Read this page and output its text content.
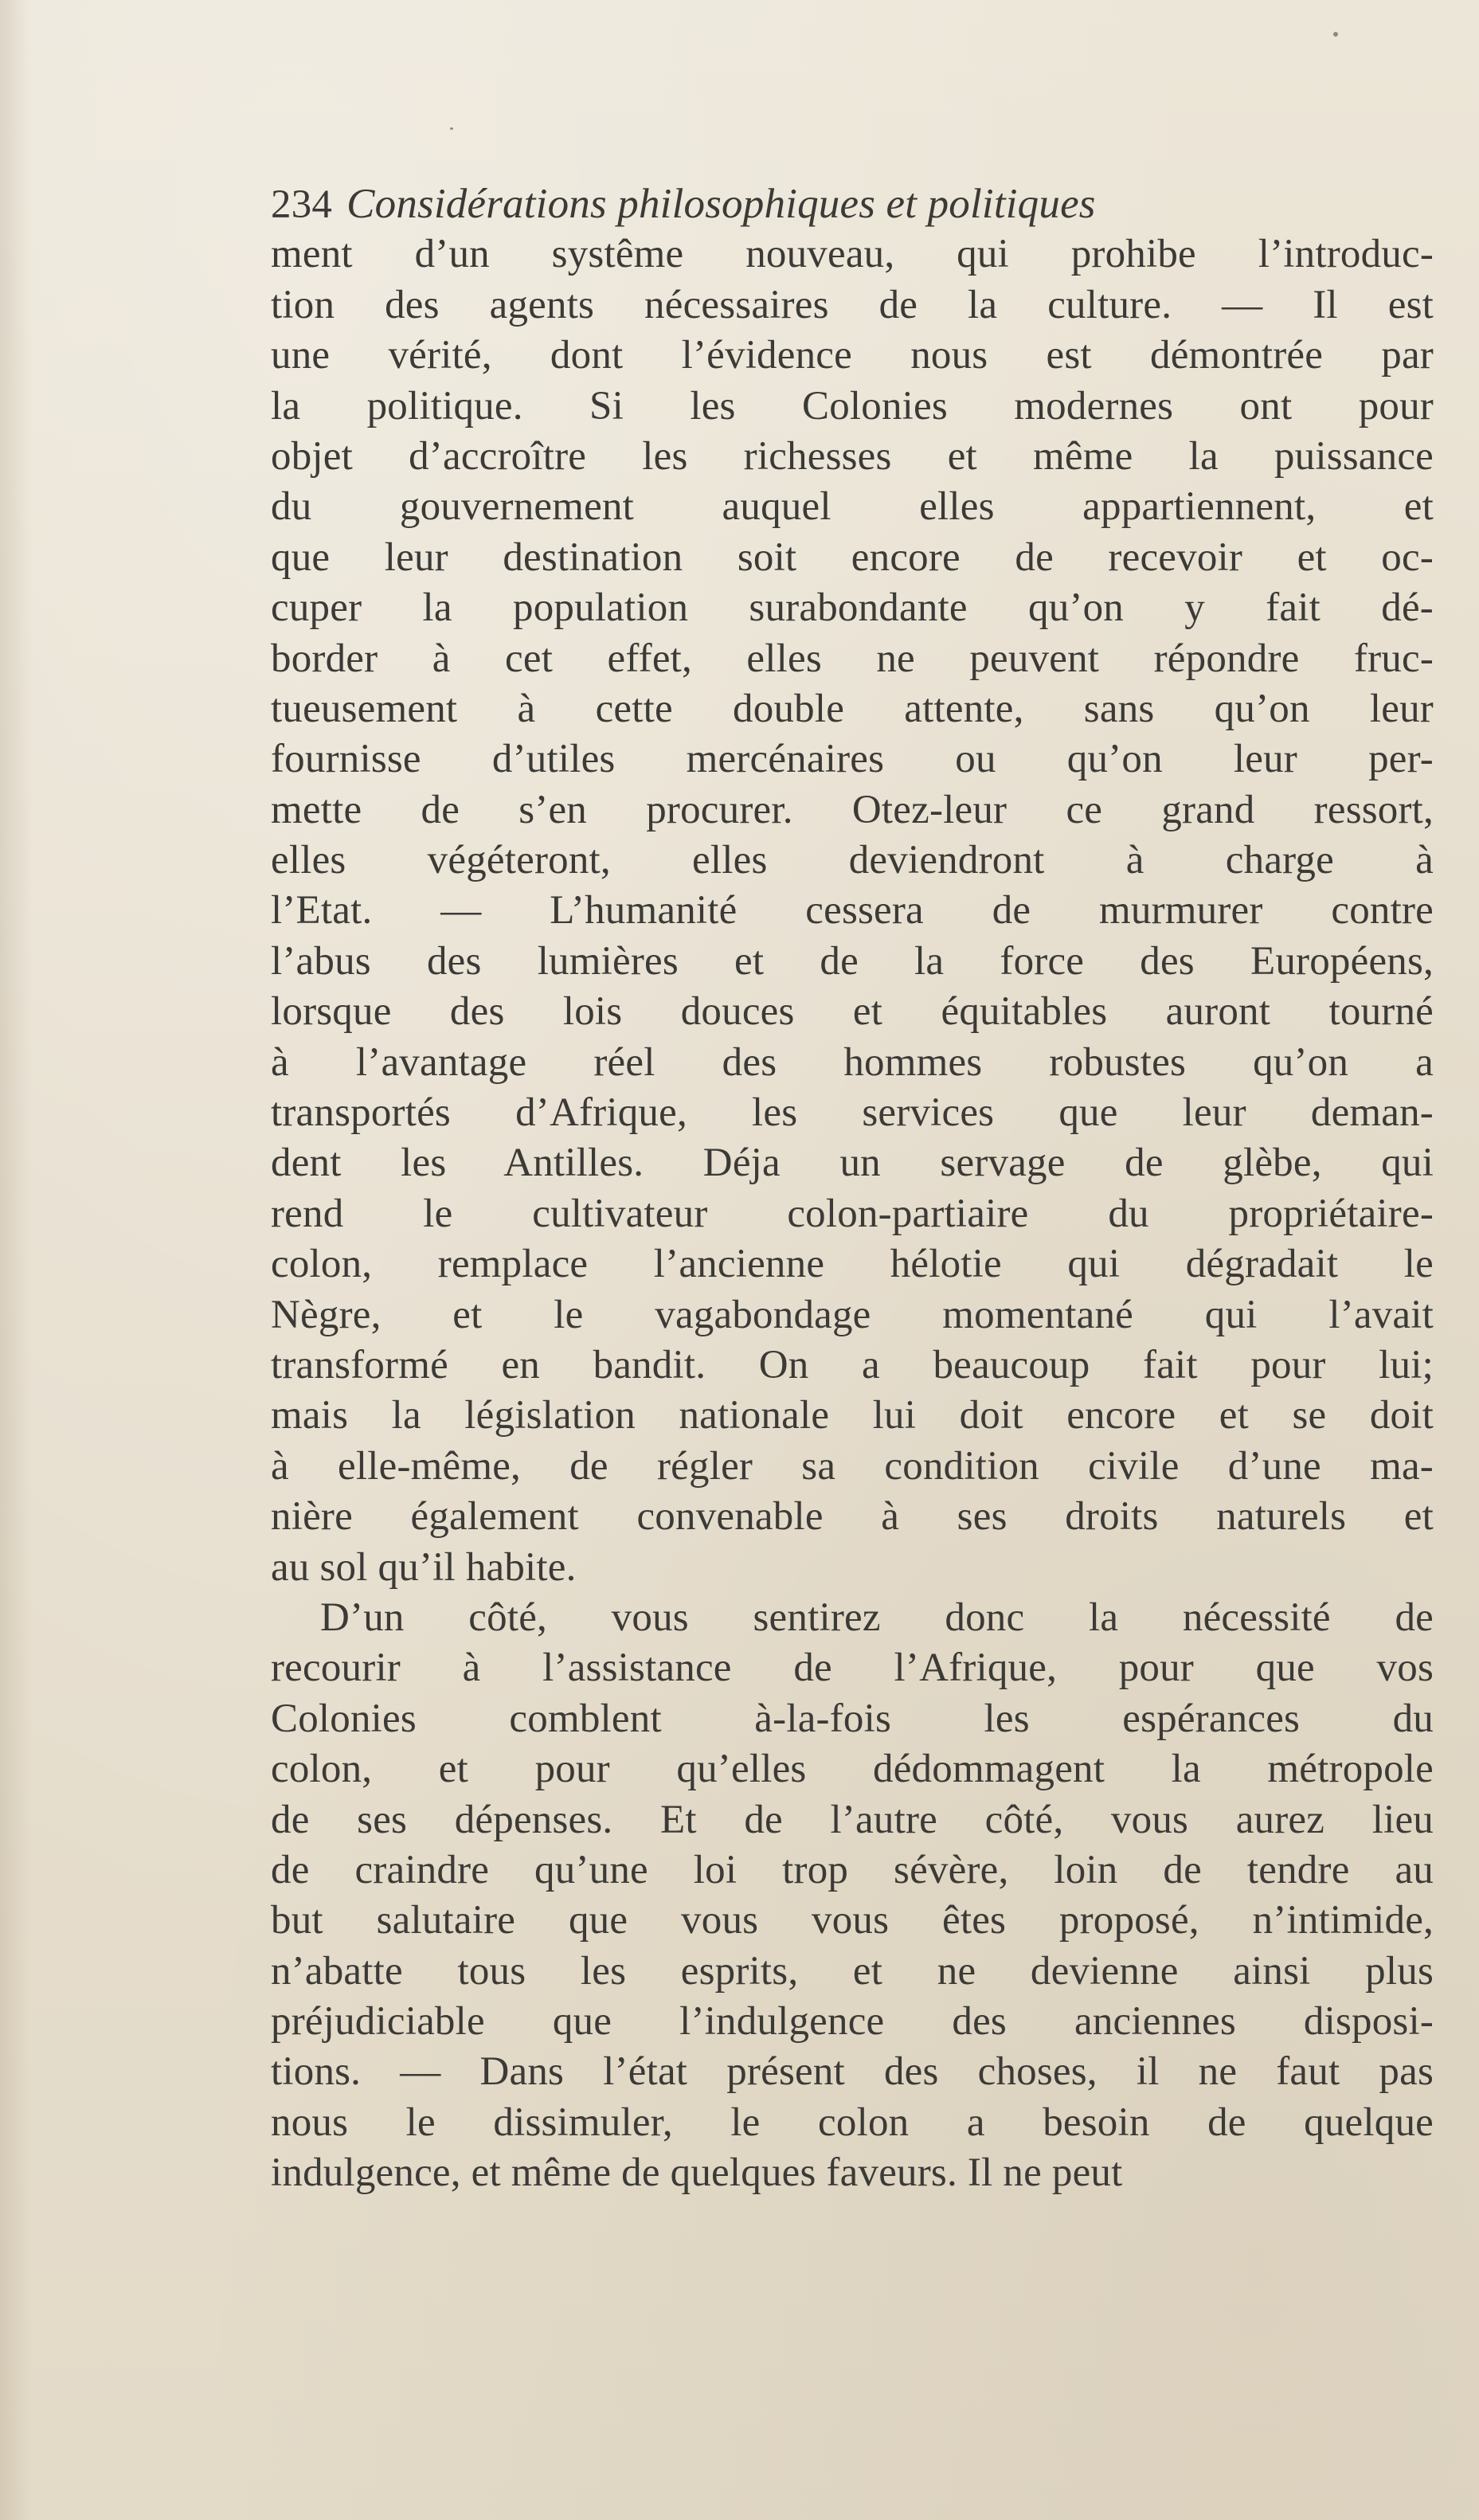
234 Considérations philosophiques et politiques
ment d’un systême nouveau, qui prohibe l’introduc-
tion des agents nécessaires de la culture. — Il est
une vérité, dont l’évidence nous est démontrée par
la politique. Si les Colonies modernes ont pour
objet d’accroître les richesses et même la puissance
du gouvernement auquel elles appartiennent, et
que leur destination soit encore de recevoir et oc-
cuper la population surabondante qu’on y fait dé-
border à cet effet, elles ne peuvent répondre fruc-
tueusement à cette double attente, sans qu’on leur
fournisse d’utiles mercénaires ou qu’on leur per-
mette de s’en procurer. Otez-leur ce grand ressort,
elles végéteront, elles deviendront à charge à
l’Etat. — L’humanité cessera de murmurer contre
l’abus des lumières et de la force des Européens,
lorsque des lois douces et équitables auront tourné
à l’avantage réel des hommes robustes qu’on a
transportés d’Afrique, les services que leur deman-
dent les Antilles. Déja un servage de glèbe, qui
rend le cultivateur colon-partiaire du propriétaire-
colon, remplace l’ancienne hélotie qui dégradait le
Nègre, et le vagabondage momentané qui l’avait
transformé en bandit. On a beaucoup fait pour lui;
mais la législation nationale lui doit encore et se doit
à elle-même, de régler sa condition civile d’une ma-
nière également convenable à ses droits naturels et
au sol qu’il habite.
D’un côté, vous sentirez donc la nécessité de
recourir à l’assistance de l’Afrique, pour que vos
Colonies comblent à-la-fois les espérances du
colon, et pour qu’elles dédommagent la métropole
de ses dépenses. Et de l’autre côté, vous aurez lieu
de craindre qu’une loi trop sévère, loin de tendre au
but salutaire que vous vous êtes proposé, n’intimide,
n’abatte tous les esprits, et ne devienne ainsi plus
préjudiciable que l’indulgence des anciennes disposi-
tions. — Dans l’état présent des choses, il ne faut pas
nous le dissimuler, le colon a besoin de quelque
indulgence, et même de quelques faveurs. Il ne peut
